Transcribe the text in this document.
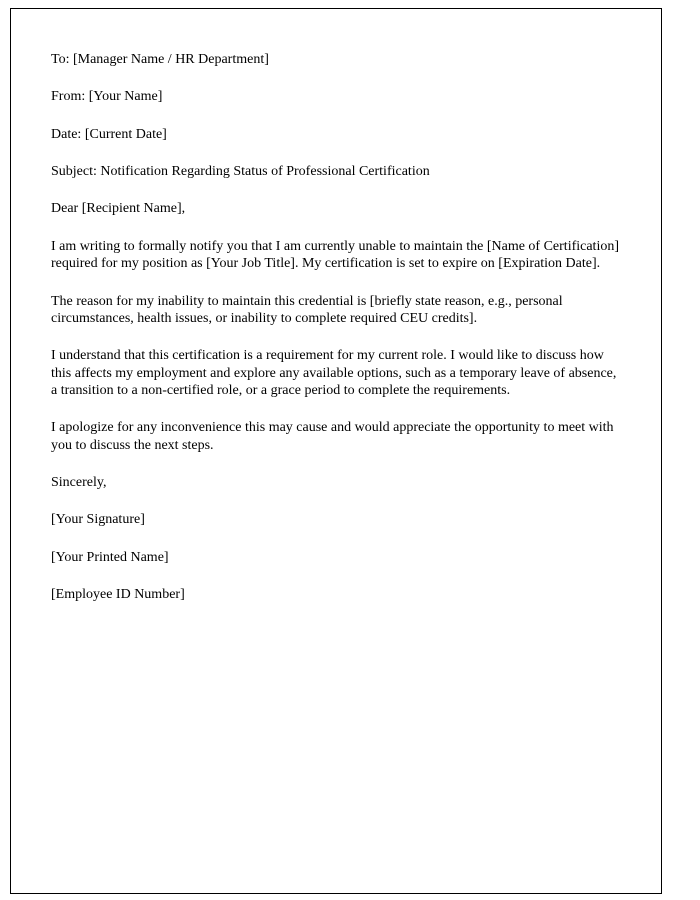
To: [Manager Name / HR Department]
From: [Your Name]
Date: [Current Date]
Subject: Notification Regarding Status of Professional Certification
Dear [Recipient Name],
I am writing to formally notify you that I am currently unable to maintain the [Name of Certification] required for my position as [Your Job Title]. My certification is set to expire on [Expiration Date].
The reason for my inability to maintain this credential is [briefly state reason, e.g., personal circumstances, health issues, or inability to complete required CEU credits].
I understand that this certification is a requirement for my current role. I would like to discuss how this affects my employment and explore any available options, such as a temporary leave of absence, a transition to a non-certified role, or a grace period to complete the requirements.
I apologize for any inconvenience this may cause and would appreciate the opportunity to meet with you to discuss the next steps.
Sincerely,
[Your Signature]
[Your Printed Name]
[Employee ID Number]
